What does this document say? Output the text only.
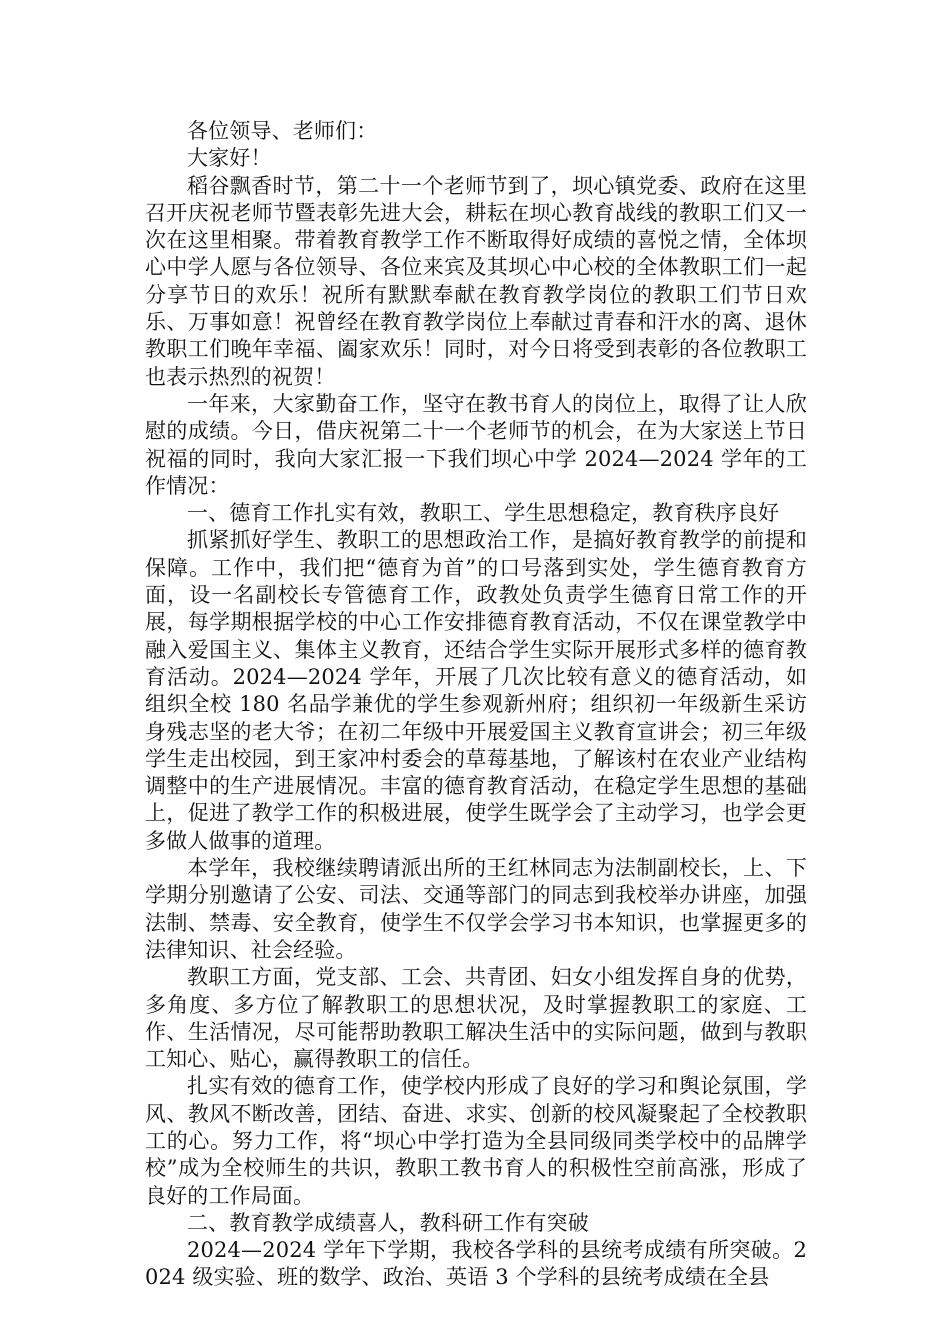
各位领导、老师们：

大家好！

稻谷飘香时节，第二十一个老师节到了，坝心镇党委、政府在这里召开庆祝老师节暨表彰先进大会，耕耘在坝心教育战线的教职工们又一次在这里相聚。带着教育教学工作不断取得好成绩的喜悦之情，全体坝心中学人愿与各位领导、各位来宾及其坝心中心校的全体教职工们一起分享节日的欢乐！祝所有默默奉献在教育教学岗位的教职工们节日欢乐、万事如意！祝曾经在教育教学岗位上奉献过青春和汗水的离、退休教职工们晚年幸福、阖家欢乐！同时，对今日将受到表彰的各位教职工也表示热烈的祝贺！

一年来，大家勤奋工作，坚守在教书育人的岗位上，取得了让人欣慰的成绩。今日，借庆祝第二十一个老师节的机会，在为大家送上节日祝福的同时，我向大家汇报一下我们坝心中学 2024—2024 学年的工作情况：

一、德育工作扎实有效，教职工、学生思想稳定，教育秩序良好

抓紧抓好学生、教职工的思想政治工作，是搞好教育教学的前提和保障。工作中，我们把“德育为首”的口号落到实处，学生德育教育方面，设一名副校长专管德育工作，政教处负责学生德育日常工作的开展，每学期根据学校的中心工作安排德育教育活动，不仅在课堂教学中融入爱国主义、集体主义教育，还结合学生实际开展形式多样的德育教育活动。2024—2024 学年，开展了几次比较有意义的德育活动，如组织全校 180 名品学兼优的学生参观新州府；组织初一年级新生采访身残志坚的老大爷；在初二年级中开展爱国主义教育宣讲会；初三年级学生走出校园，到王家冲村委会的草莓基地，了解该村在农业产业结构调整中的生产进展情况。丰富的德育教育活动，在稳定学生思想的基础上，促进了教学工作的积极进展，使学生既学会了主动学习，也学会更多做人做事的道理。

本学年，我校继续聘请派出所的王红林同志为法制副校长，上、下学期分别邀请了公安、司法、交通等部门的同志到我校举办讲座，加强法制、禁毒、安全教育，使学生不仅学会学习书本知识，也掌握更多的法律知识、社会经验。

教职工方面，党支部、工会、共青团、妇女小组发挥自身的优势，多角度、多方位了解教职工的思想状况，及时掌握教职工的家庭、工作、生活情况，尽可能帮助教职工解决生活中的实际问题，做到与教职工知心、贴心，赢得教职工的信任。

扎实有效的德育工作，使学校内形成了良好的学习和舆论氛围，学风、教风不断改善，团结、奋进、求实、创新的校风凝聚起了全校教职工的心。努力工作，将“坝心中学打造为全县同级同类学校中的品牌学校”成为全校师生的共识，教职工教书育人的积极性空前高涨，形成了良好的工作局面。

二、教育教学成绩喜人，教科研工作有突破

2024—2024 学年下学期，我校各学科的县统考成绩有所突破。2024 级实验、班的数学、政治、英语 3 个学科的县统考成绩在全县
